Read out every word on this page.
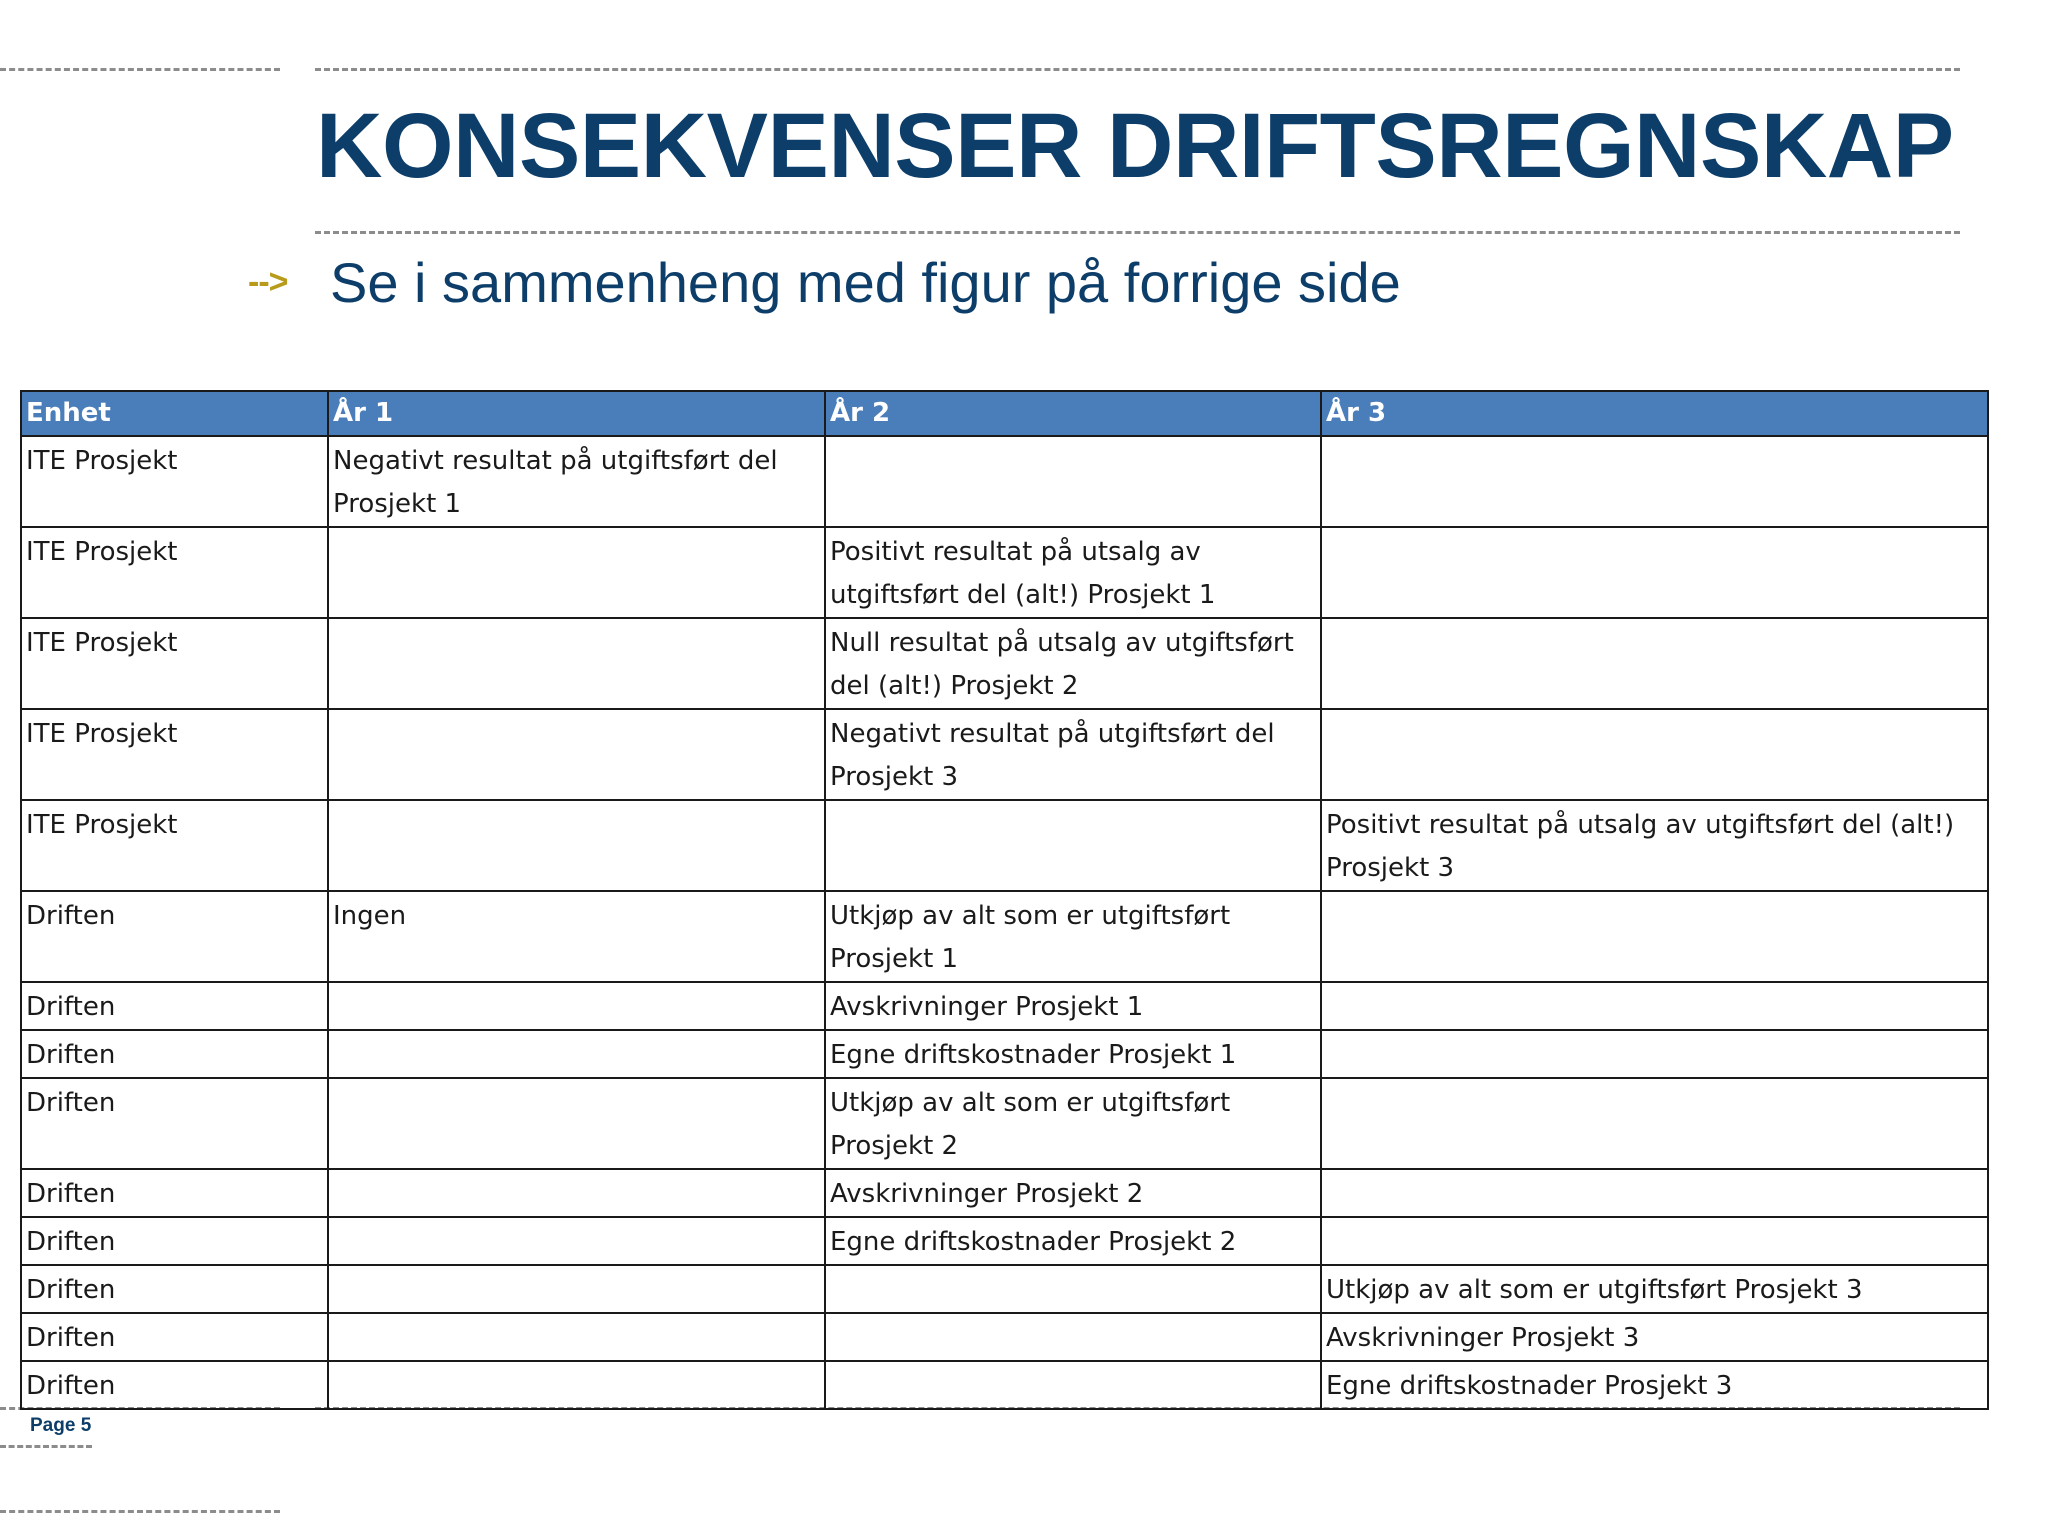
KONSEKVENSER DRIFTSREGNSKAP
--> Se i sammenheng med figur på forrige side
Enhet	År 1	År 2	År 3
ITE Prosjekt	Negativt resultat på utgiftsført del Prosjekt 1		
ITE Prosjekt		Positivt resultat på utsalg av utgiftsført del (alt!) Prosjekt 1	
ITE Prosjekt		Null resultat på utsalg av utgiftsført del (alt!) Prosjekt 2	
ITE Prosjekt		Negativt resultat på utgiftsført del Prosjekt 3	
ITE Prosjekt			Positivt resultat på utsalg av utgiftsført del (alt!) Prosjekt 3
Driften	Ingen	Utkjøp av alt som er utgiftsført Prosjekt 1	
Driften		Avskrivninger Prosjekt 1	
Driften		Egne driftskostnader Prosjekt 1	
Driften		Utkjøp av alt som er utgiftsført Prosjekt 2	
Driften		Avskrivninger Prosjekt 2	
Driften		Egne driftskostnader Prosjekt 2	
Driften			Utkjøp av alt som er utgiftsført Prosjekt 3
Driften			Avskrivninger Prosjekt 3
Driften			Egne driftskostnader Prosjekt 3
Page 5
